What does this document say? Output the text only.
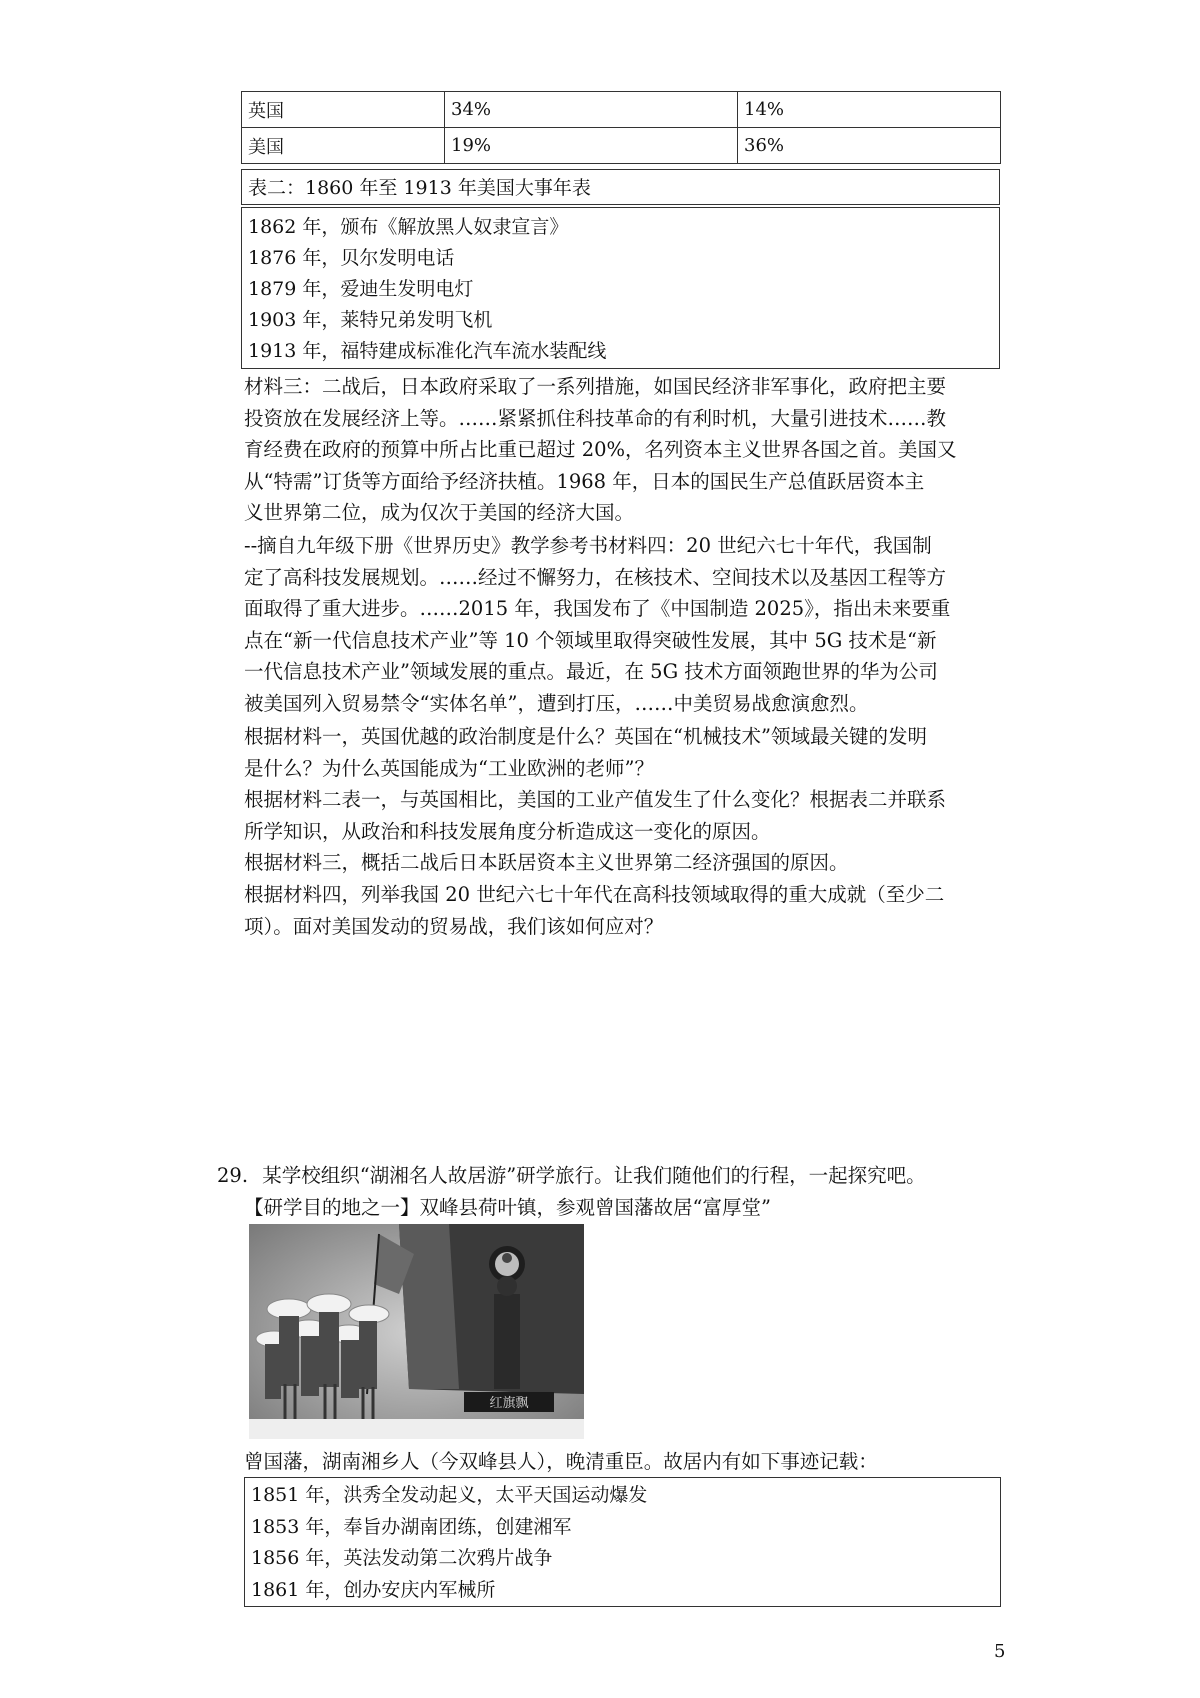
英国	34%	14%
美国	19%	36%
表二：1860 年至 1913 年美国大事年表
1862 年，颁布《解放黑人奴隶宣言》
1876 年，贝尔发明电话
1879 年，爱迪生发明电灯
1903 年，莱特兄弟发明飞机
1913 年，福特建成标准化汽车流水装配线

材料三：二战后，日本政府采取了一系列措施，如国民经济非军事化，政府把主要

投资放在发展经济上等。……紧紧抓住科技革命的有利时机，大量引进技术……教

育经费在政府的预算中所占比重已超过 20%，名列资本主义世界各国之首。美国又

从“特需”订货等方面给予经济扶植。1968 年，日本的国民生产总值跃居资本主

义世界第二位，成为仅次于美国的经济大国。

--摘自九年级下册《世界历史》教学参考书材料四：20 世纪六七十年代，我国制

定了高科技发展规划。……经过不懈努力，在核技术、空间技术以及基因工程等方

面取得了重大进步。……2015 年，我国发布了《中国制造 2025》，指出未来要重

点在“新一代信息技术产业”等 10 个领域里取得突破性发展，其中 5G 技术是“新

一代信息技术产业”领域发展的重点。最近，在 5G 技术方面领跑世界的华为公司

被美国列入贸易禁令“实体名单”，遭到打压，……中美贸易战愈演愈烈。

根据材料一，英国优越的政治制度是什么？英国在“机械技术”领域最关键的发明

是什么？为什么英国能成为“工业欧洲的老师”？

根据材料二表一，与英国相比，美国的工业产值发生了什么变化？根据表二并联系

所学知识，从政治和科技发展角度分析造成这一变化的原因。

根据材料三，概括二战后日本跃居资本主义世界第二经济强国的原因。

根据材料四，列举我国 20 世纪六七十年代在高科技领域取得的重大成就（至少二

项）。面对美国发动的贸易战，我们该如何应对？

29. 某学校组织“湖湘名人故居游”研学旅行。让我们随他们的行程，一起探究吧。
【研学目的地之一】双峰县荷叶镇，参观曾国藩故居“富厚堂”
红旗飘
曾国藩，湖南湘乡人（今双峰县人），晚清重臣。故居内有如下事迹记载：
1851 年，洪秀全发动起义，太平天国运动爆发
1853 年，奉旨办湖南团练，创建湘军
1856 年，英法发动第二次鸦片战争
1861 年，创办安庆内军械所
5
